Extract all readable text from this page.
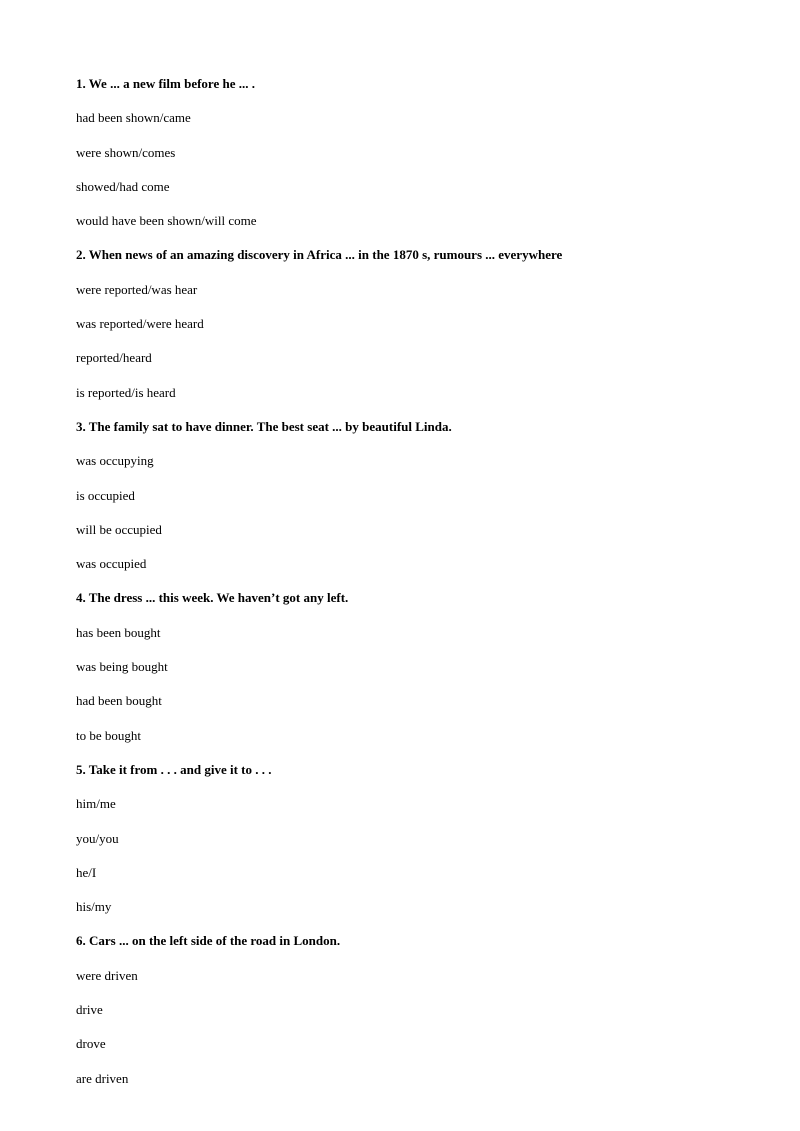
1. We ... a new film before he ... .
had been shown/came
were shown/comes
showed/had come
would have been shown/will come
2. When news of an amazing discovery in Africa ... in the 1870 s, rumours ... everywhere
were reported/was hear
was reported/were heard
reported/heard
is reported/is heard
3. The family sat to have dinner. The best seat ... by beautiful Linda.
was occupying
is occupied
will be occupied
was occupied
4. The dress ... this week. We haven’t got any left.
has been bought
was being bought
had been bought
to be bought
5. Take it from . . . and give it to . . .
him/me
you/you
he/I
his/my
6. Cars ... on the left side of the road in London.
were driven
drive
drove
are driven
